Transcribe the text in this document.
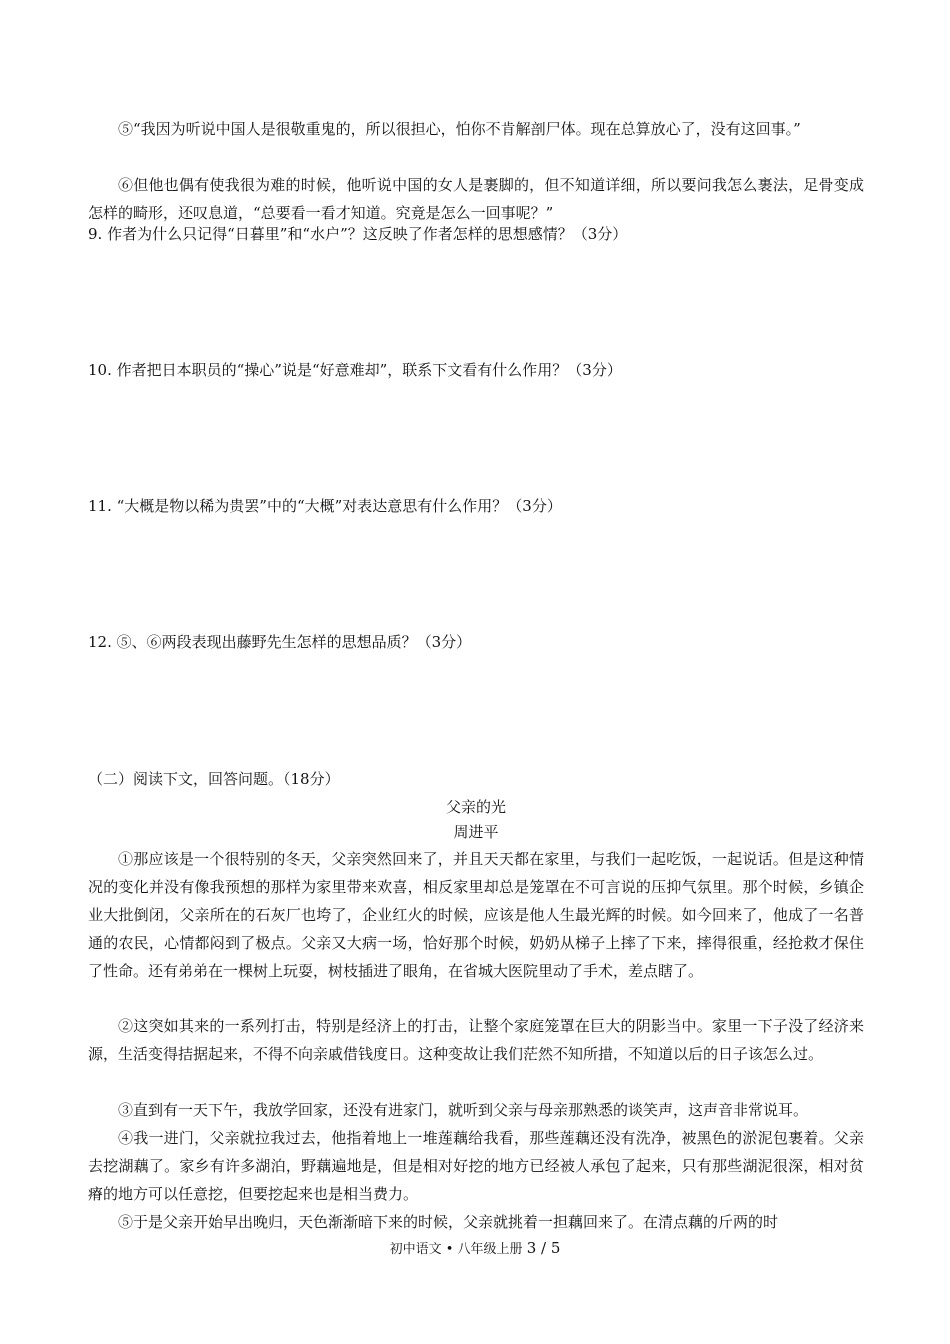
⑤“我因为听说中国人是很敬重鬼的，所以很担心，怕你不肯解剖尸体。现在总算放心了，没有这回事。”

⑥但他也偶有使我很为难的时候，他听说中国的女人是裹脚的，但不知道详细，所以要问我怎么裹法，足骨变成怎样的畸形，还叹息道，“总要看一看才知道。究竟是怎么一回事呢？”

9. 作者为什么只记得“日暮里”和“水户”？这反映了作者怎样的思想感情？（3分）

10. 作者把日本职员的“操心”说是“好意难却”，联系下文看有什么作用？（3分）

11. “大概是物以稀为贵罢”中的“大概”对表达意思有什么作用？（3分）

12. ⑤、⑥两段表现出藤野先生怎样的思想品质？（3分）

（二）阅读下文，回答问题。（18分）

父亲的光

周进平

①那应该是一个很特别的冬天，父亲突然回来了，并且天天都在家里，与我们一起吃饭，一起说话。但是这种情况的变化并没有像我预想的那样为家里带来欢喜，相反家里却总是笼罩在不可言说的压抑气氛里。那个时候，乡镇企业大批倒闭，父亲所在的石灰厂也垮了，企业红火的时候，应该是他人生最光辉的时候。如今回来了，他成了一名普通的农民，心情都闷到了极点。父亲又大病一场，恰好那个时候，奶奶从梯子上摔了下来，摔得很重，经抢救才保住了性命。还有弟弟在一棵树上玩耍，树枝插进了眼角，在省城大医院里动了手术，差点瞎了。

②这突如其来的一系列打击，特别是经济上的打击，让整个家庭笼罩在巨大的阴影当中。家里一下子没了经济来源，生活变得拮据起来，不得不向亲戚借钱度日。这种变故让我们茫然不知所措，不知道以后的日子该怎么过。

③直到有一天下午，我放学回家，还没有进家门，就听到父亲与母亲那熟悉的谈笑声，这声音非常说耳。

④我一进门，父亲就拉我过去，他指着地上一堆莲藕给我看，那些莲藕还没有洗净，被黑色的淤泥包裹着。父亲去挖湖藕了。家乡有许多湖泊，野藕遍地是，但是相对好挖的地方已经被人承包了起来，只有那些湖泥很深，相对贫瘠的地方可以任意挖，但要挖起来也是相当费力。

⑤于是父亲开始早出晚归，天色渐渐暗下来的时候，父亲就挑着一担藕回来了。在清点藕的斤两的时

初中语文 • 八年级上册 3 / 5
